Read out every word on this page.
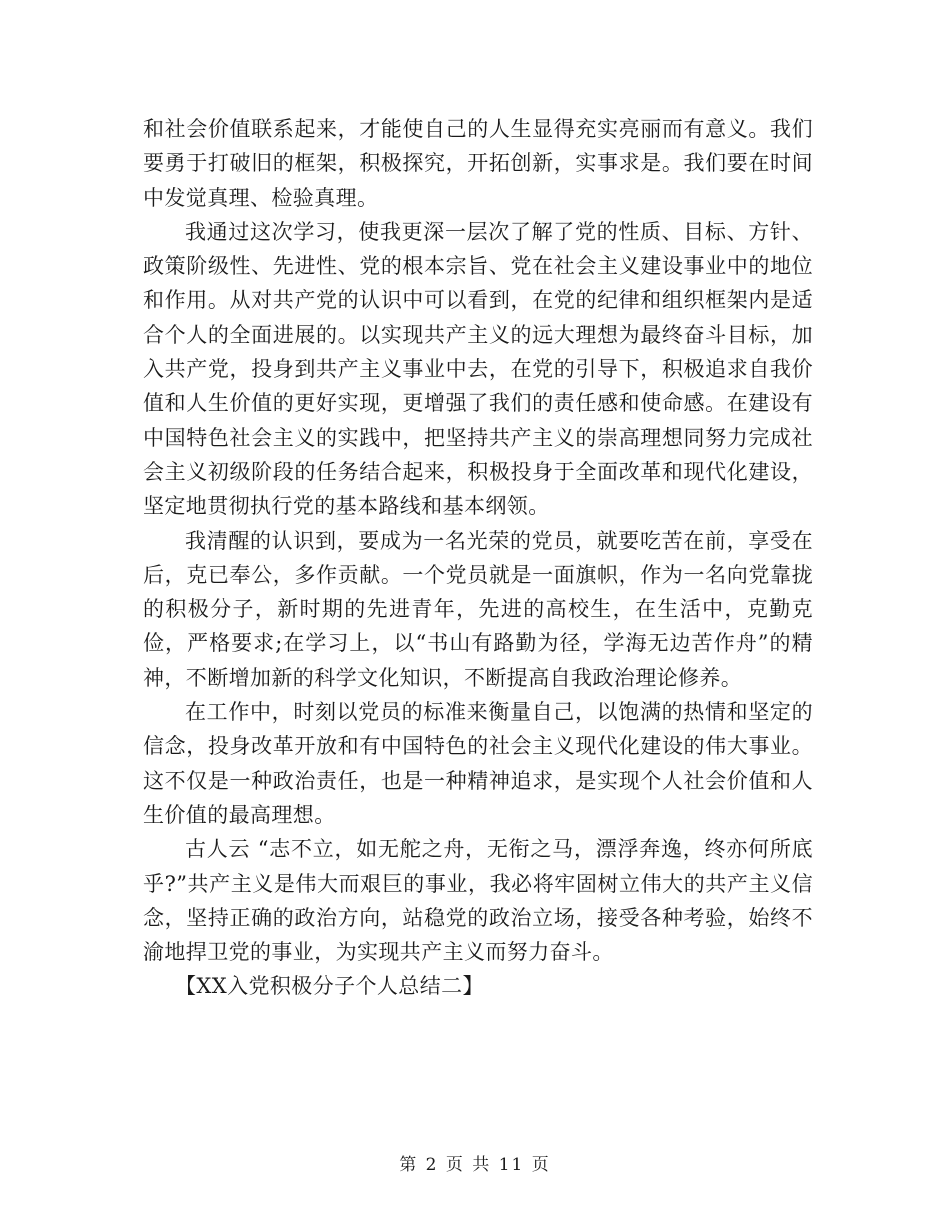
和社会价值联系起来，才能使自己的人生显得充实亮丽而有意义。我们要勇于打破旧的框架，积极探究，开拓创新，实事求是。我们要在时间中发觉真理、检验真理。

我通过这次学习，使我更深一层次了解了党的性质、目标、方针、政策阶级性、先进性、党的根本宗旨、党在社会主义建设事业中的地位和作用。从对共产党的认识中可以看到，在党的纪律和组织框架内是适合个人的全面进展的。以实现共产主义的远大理想为最终奋斗目标，加入共产党，投身到共产主义事业中去，在党的引导下，积极追求自我价值和人生价值的更好实现，更增强了我们的责任感和使命感。在建设有中国特色社会主义的实践中，把坚持共产主义的崇高理想同努力完成社会主义初级阶段的任务结合起来，积极投身于全面改革和现代化建设，坚定地贯彻执行党的基本路线和基本纲领。

我清醒的认识到，要成为一名光荣的党员，就要吃苦在前，享受在后，克已奉公，多作贡献。一个党员就是一面旗帜，作为一名向党靠拢的积极分子，新时期的先进青年，先进的高校生，在生活中，克勤克俭，严格要求;在学习上，以“书山有路勤为径，学海无边苦作舟”的精神，不断增加新的科学文化知识，不断提高自我政治理论修养。

在工作中，时刻以党员的标准来衡量自己，以饱满的热情和坚定的信念，投身改革开放和有中国特色的社会主义现代化建设的伟大事业。这不仅是一种政治责任，也是一种精神追求，是实现个人社会价值和人生价值的最高理想。

古人云 “志不立，如无舵之舟，无衔之马，漂浮奔逸，终亦何所底乎?”共产主义是伟大而艰巨的事业，我必将牢固树立伟大的共产主义信念，坚持正确的政治方向，站稳党的政治立场，接受各种考验，始终不渝地捍卫党的事业，为实现共产主义而努力奋斗。

【XX入党积极分子个人总结二】

第 2 页 共 11 页
